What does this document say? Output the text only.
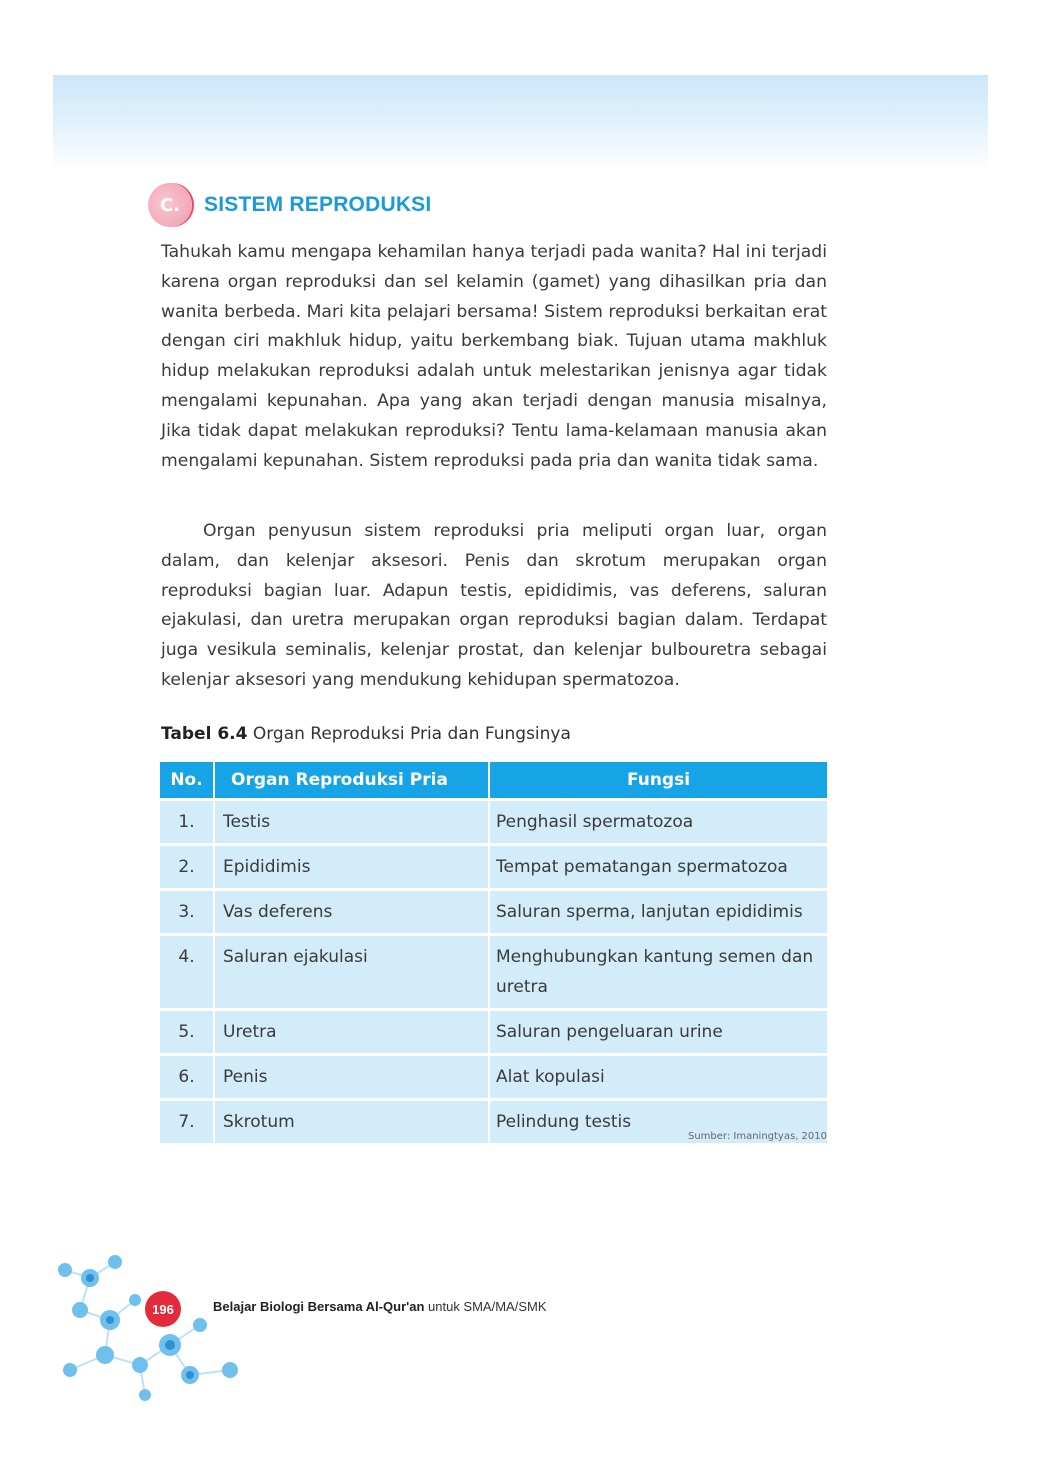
C.	SISTEM REPRODUKSI

Tahukah kamu mengapa kehamilan hanya terjadi pada wanita? Hal ini terjadi karena organ reproduksi dan sel kelamin (gamet) yang dihasilkan pria dan wanita berbeda. Mari kita pelajari bersama! Sistem reproduksi berkaitan erat dengan ciri makhluk hidup, yaitu berkembang biak. Tujuan utama makhluk hidup melakukan reproduksi adalah untuk melestarikan jenisnya agar tidak mengalami kepunahan. Apa yang akan terjadi dengan manusia misalnya, Jika tidak dapat melakukan reproduksi? Tentu lama-kelamaan manusia akan mengalami kepunahan. Sistem reproduksi pada pria dan wanita tidak sama.

Organ penyusun sistem reproduksi pria meliputi organ luar, organ dalam, dan kelenjar aksesori. Penis dan skrotum merupakan organ reproduksi bagian luar. Adapun testis, epididimis, vas deferens, saluran ejakulasi, dan uretra merupakan organ reproduksi bagian dalam. Terdapat juga vesikula seminalis, kelenjar prostat, dan kelenjar bulbouretra sebagai kelenjar aksesori yang mendukung kehidupan spermatozoa.

Tabel 6.4 Organ Reproduksi Pria dan Fungsinya
No.	Organ Reproduksi Pria	Fungsi
1.	Testis	Penghasil spermatozoa
2.	Epididimis	Tempat pematangan spermatozoa
3.	Vas deferens	Saluran sperma, lanjutan epididimis
4.	Saluran ejakulasi	Menghubungkan kantung semen dan uretra
5.	Uretra	Saluran pengeluaran urine
6.	Penis	Alat kopulasi
7.	Skrotum	Pelindung testis
Sumber: Imaningtyas, 2010
196	Belajar Biologi Bersama Al-Qur'an untuk SMA/MA/SMK
